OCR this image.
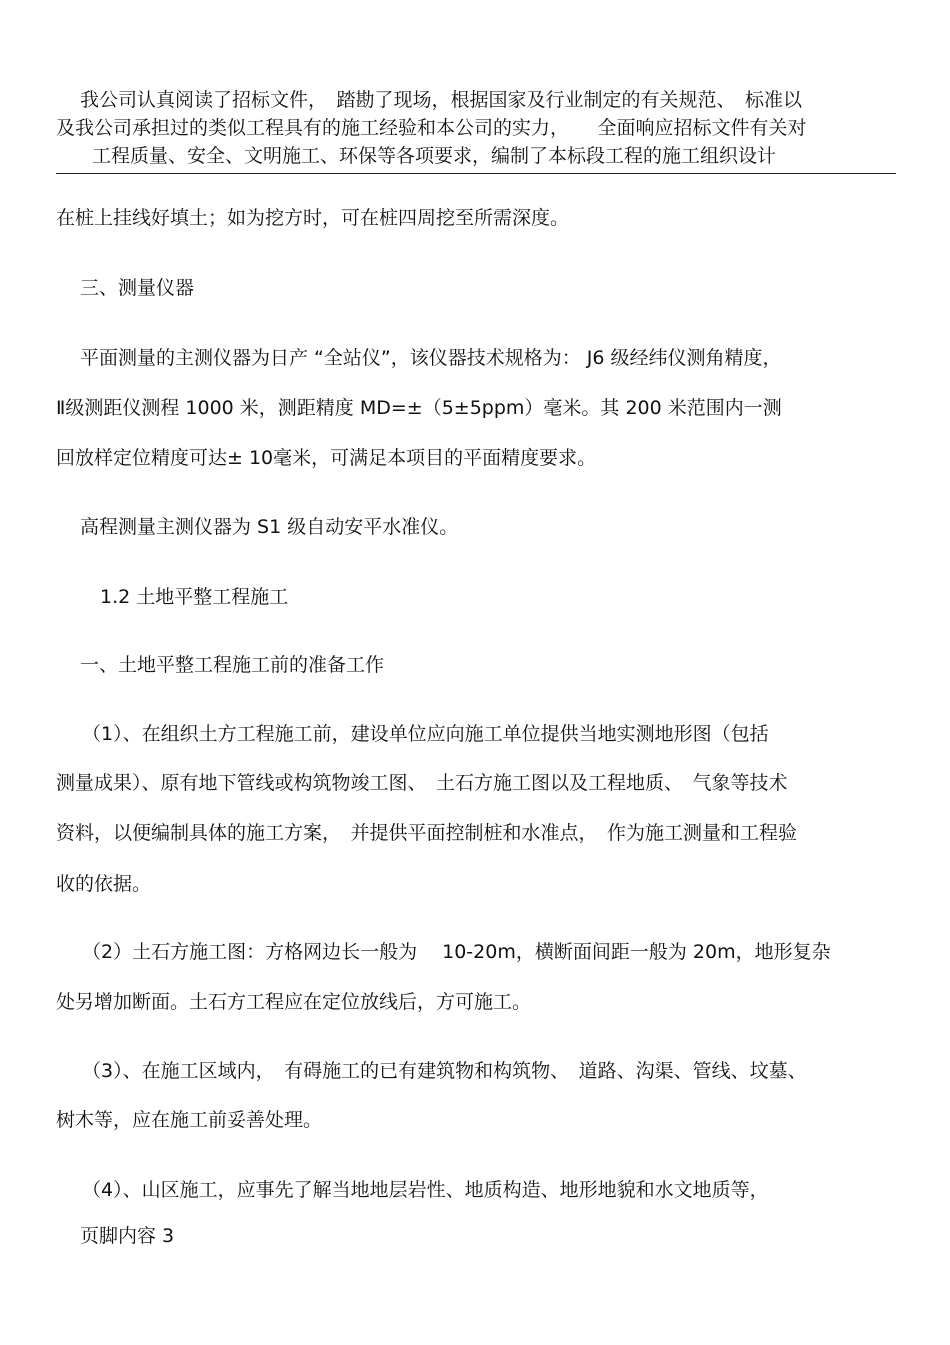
我公司认真阅读了招标文件，　踏勘了现场，根据国家及行业制定的有关规范、　标准以
及我公司承担过的类似工程具有的施工经验和本公司的实力，　　全面响应招标文件有关对
工程质量、安全、文明施工、环保等各项要求，编制了本标段工程的施工组织设计
在桩上挂线好填土；如为挖方时，可在桩四周挖至所需深度。
三、测量仪器
平面测量的主测仪器为日产 “全站仪”，该仪器技术规格为： J6 级经纬仪测角精度，
Ⅱ级测距仪测程 1000 米，测距精度 MD=±（5±5ppm）毫米。其 200 米范围内一测
回放样定位精度可达± 10毫米，可满足本项目的平面精度要求。
高程测量主测仪器为 S1 级自动安平水准仪。
1.2 土地平整工程施工
一、土地平整工程施工前的准备工作
（1）、在组织土方工程施工前，建设单位应向施工单位提供当地实测地形图（包括
测量成果）、原有地下管线或构筑物竣工图、　土石方施工图以及工程地质、　气象等技术
资料，以便编制具体的施工方案，　并提供平面控制桩和水准点，　作为施工测量和工程验
收的依据。
（2）土石方施工图：方格网边长一般为 　10-20m，横断面间距一般为 20m，地形复杂
处另增加断面。土石方工程应在定位放线后，方可施工。
（3）、在施工区域内，　有碍施工的已有建筑物和构筑物、　道路、沟渠、管线、坟墓、
树木等，应在施工前妥善处理。
（4）、山区施工，应事先了解当地地层岩性、地质构造、地形地貌和水文地质等，
页脚内容 3
